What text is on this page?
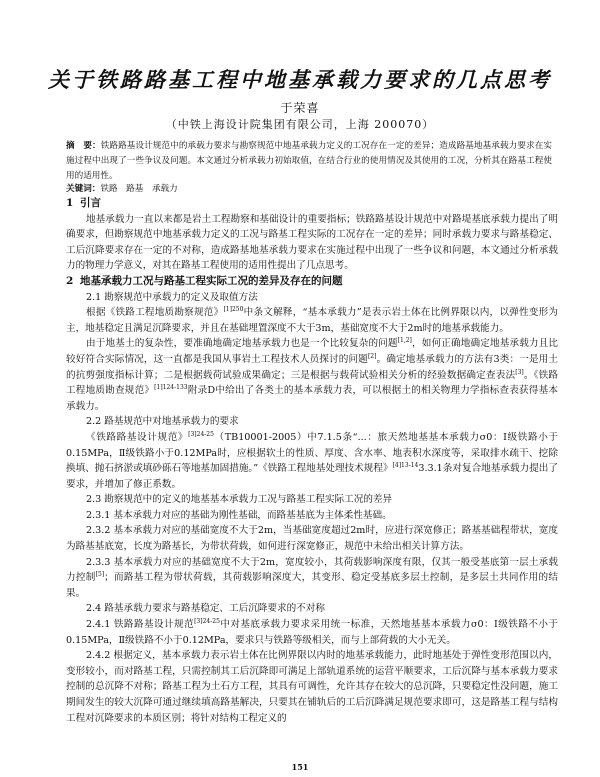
关于铁路路基工程中地基承载力要求的几点思考
于荣喜
（中铁上海设计院集团有限公司，上海 200070）
摘　要：铁路路基设计规范中的承载力要求与勘察规范中地基承载力定义的工况存在一定的差异；造成路基地基承载力要求在实施过程中出现了一些争议及问题。本文通过分析承载力初始取值，在结合行业的使用情况及其使用的工况，分析其在路基工程使用的适用性。
关键词：铁路　路基　承载力
1 引言

地基承载力一直以来都是岩土工程勘察和基础设计的重要指标；铁路路基设计规范中对路堤基底承载力提出了明确要求，但勘察规范中地基承载力定义的工况与路基工程实际的工况存在一定的差异；同时承载力要求与路基稳定、工后沉降要求存在一定的不对称，造成路基地基承载力要求在实施过程中出现了一些争议和问题，本文通过分析承载力的物理力学意义，对其在路基工程使用的适用性提出了几点思考。

2 地基承载力工况与路基工程实际工况的差异及存在的问题
2.1 勘察规范中承载力的定义及取值方法

根据《铁路工程地质勘察规范》$^{[1]250}$中条文解释，“基本承载力”是表示岩土体在比例界限以内，以弹性变形为主，地基稳定且满足沉降要求，并且在基础埋置深度不大于3m，基础宽度不大于2m时的地基承载能力。

由于地基土的复杂性，要准确地确定地基承载力也是一个比较复杂的问题[1,2]，如何正确地确定地基承载力且比较好符合实际情况，这一直都是我国从事岩土工程技术人员探讨的问题[2]。确定地基承载力的方法有3类：一是用土的抗剪强度指标计算；二是根据载荷试验成果确定；三是根据与载荷试验相关分析的经验数据确定查表法[3]。《铁路工程地质勘查规范》$^{[1]124-133}$附录D中给出了各类土的基本承载力表，可以根据土的相关物理力学指标查表获得基本承载力。

2.2 路基规范中对地基承载力的要求

《铁路路基设计规范》$^{[3]24-25}$（TB10001-2005）中7.1.5条“...：旅天然地基基本承载力σ0：Ⅰ级铁路小于0.15MPa，Ⅱ级铁路小于0.12MPa时，应根据软土的性质、厚度、含水率、地表积水深度等，采取排水疏干、挖除换填、抛石挤淤或填砂砾石等地基加固措施。”《铁路工程地基处理技术规程》$^{[4]13-14}$3.3.1条对复合地基承载力提出了要求，并增加了修正系数。

2.3 勘察规范中的定义的地基基本承载力工况与路基工程实际工况的差异

2.3.1 基本承载力对应的基础为刚性基础，而路基基底为主体柔性基础。

2.3.2 基本承载力对应的基础宽度不大于2m，当基础宽度超过2m时，应进行深宽修正；路基基础程带状，宽度为路基基底宽，长度为路基长，为带状荷载，如何进行深宽修正，规范中未给出相关计算方法。

2.3.3 基本承载力对应的基础宽度不大于2m，宽度较小，其荷载影响深度有限，仅其一般受基底第一层土承载力控制[5]；而路基工程为带状荷载，其荷载影响深度大，其变形、稳定受基底多层土控制，是多层土共同作用的结果。

2.4 路基承载力要求与路基稳定、工后沉降要求的不对称

2.4.1 铁路路基设计规范$^{[3]24-25}$中对基底承载力要求采用统一标准，天然地基基本承载力σ0：Ⅰ级铁路不小于0.15MPa，Ⅱ级铁路不小于0.12MPa，要求只与铁路等级相关，而与上部荷载的大小无关。

2.4.2 根据定义，基本承载力表示岩土体在比例界限以内时的地基承载能力，此时地基处于弹性变形范围以内，变形较小，而对路基工程，只需控制其工后沉降即可满足上部轨道系统的运营平顺要求，工后沉降与基本承载力要求控制的总沉降不对称；路基工程为土石方工程，其具有可调性，允许其存在较大的总沉降，只要稳定性没问题，施工期间发生的较大沉降可通过继续填高路基解决，只要其在铺轨后的工后沉降满足规范要求即可，这是路基工程与结构工程对沉降要求的本质区别；将针对结构工程定义的

151
